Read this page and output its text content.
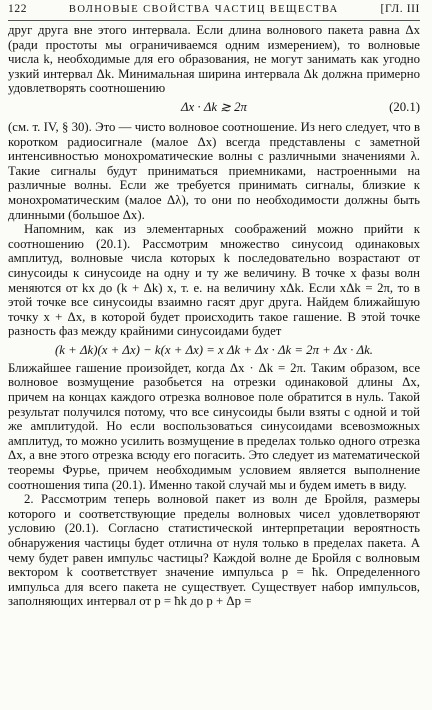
122	ВОЛНОВЫЕ СВОЙСТВА ЧАСТИЦ ВЕЩЕСТВА	[ГЛ. III

друг друга вне этого интервала. Если длина волнового пакета равна Δx (ради простоты мы ограничиваемся одним измерением), то волновые числа k, необходимые для его образования, не могут занимать как угодно узкий интервал Δk. Минимальная ширина интервала Δk должна примерно удовлетворять соотношению

Δx · Δk ≳ 2π	(20.1)

(см. т. IV, § 30). Это — чисто волновое соотношение. Из него следует, что в коротком радиосигнале (малое Δx) всегда представлены с заметной интенсивностью монохроматические волны с различными значениями λ. Такие сигналы будут приниматься приемниками, настроенными на различные волны. Если же требуется принимать сигналы, близкие к монохроматическим (малое Δλ), то они по необходимости должны быть длинными (большое Δx).

Напомним, как из элементарных соображений можно прийти к соотношению (20.1). Рассмотрим множество синусоид одинаковых амплитуд, волновые числа которых k последовательно возрастают от синусоиды к синусоиде на одну и ту же величину. В точке x фазы волн меняются от kx до (k + Δk) x, т. е. на величину xΔk. Если xΔk = 2π, то в этой точке все синусоиды взаимно гасят друг друга. Найдем ближайшую точку x + Δx, в которой будет происходить такое гашение. В этой точке разность фаз между крайними синусоидами будет

(k + Δk)(x + Δx) − k(x + Δx) = x Δk + Δx · Δk = 2π + Δx · Δk.

Ближайшее гашение произойдет, когда Δx · Δk = 2π. Таким образом, все волновое возмущение разобьется на отрезки одинаковой длины Δx, причем на концах каждого отрезка волновое поле обратится в нуль. Такой результат получился потому, что все синусоиды были взяты с одной и той же амплитудой. Но если воспользоваться синусоидами всевозможных амплитуд, то можно усилить возмущение в пределах только одного отрезка Δx, а вне этого отрезка всюду его погасить. Это следует из математической теоремы Фурье, причем необходимым условием является выполнение соотношения типа (20.1). Именно такой случай мы и будем иметь в виду.

2. Рассмотрим теперь волновой пакет из волн де Бройля, размеры которого и соответствующие пределы волновых чисел удовлетворяют условию (20.1). Согласно статистической интерпретации вероятность обнаружения частицы будет отлична от нуля только в пределах пакета. А чему будет равен импульс частицы? Каждой волне де Бройля с волновым вектором k соответствует значение импульса p = ħk. Определенного импульса для всего пакета не существует. Существует набор импульсов, заполняющих интервал от p = ħk до p + Δp =
